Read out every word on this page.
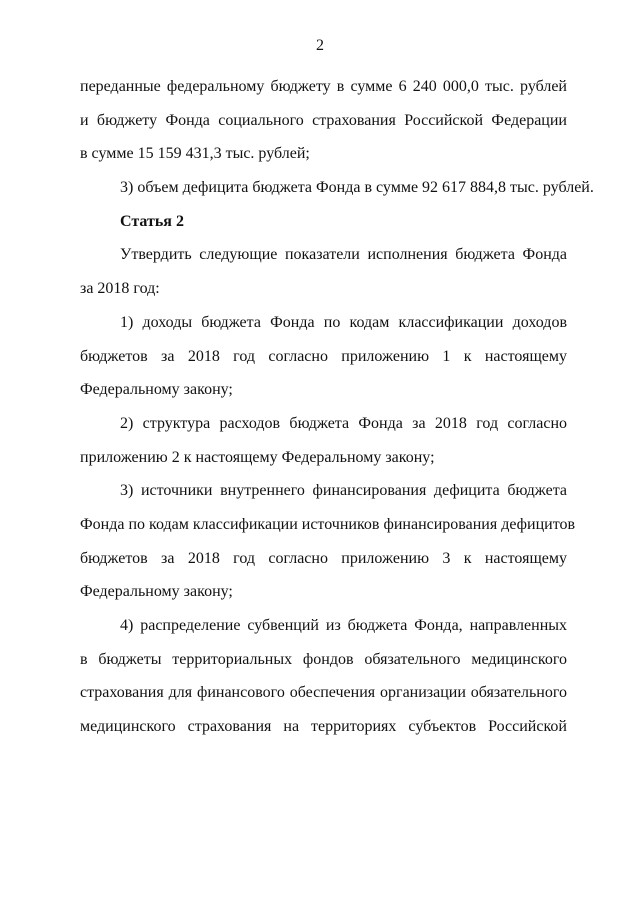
2
переданные федеральному бюджету в сумме 6 240 000,0 тыс. рублей
и бюджету Фонда социального страхования Российской Федерации
в сумме 15 159 431,3 тыс. рублей;
3) объем дефицита бюджета Фонда в сумме 92 617 884,8 тыс. рублей.
Статья 2
Утвердить следующие показатели исполнения бюджета Фонда
за 2018 год:
1) доходы бюджета Фонда по кодам классификации доходов
бюджетов за 2018 год согласно приложению 1 к настоящему
Федеральному закону;
2) структура расходов бюджета Фонда за 2018 год согласно
приложению 2 к настоящему Федеральному закону;
3) источники внутреннего финансирования дефицита бюджета
Фонда по кодам классификации источников финансирования дефицитов
бюджетов за 2018 год согласно приложению 3 к настоящему
Федеральному закону;
4) распределение субвенций из бюджета Фонда, направленных
в бюджеты территориальных фондов обязательного медицинского
страхования для финансового обеспечения организации обязательного
медицинского страхования на территориях субъектов Российской
